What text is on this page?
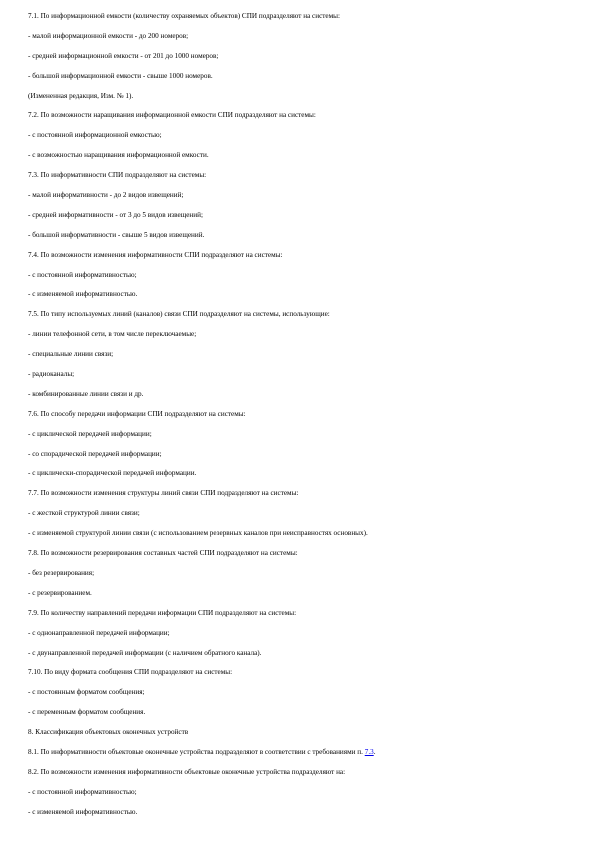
7.1. По информационной емкости (количеству охраняемых объектов) СПИ подразделяют на системы:
- малой информационной емкости - до 200 номеров;
- средней информационной емкости - от 201 до 1000 номеров;
- большой информационной емкости - свыше 1000 номеров.
(Измененная редакция, Изм. № 1).
7.2. По возможности наращивания информационной емкости СПИ подразделяют на системы:
- с постоянной информационной емкостью;
- с возможностью наращивания информационной емкости.
7.3. По информативности СПИ подразделяют на системы:
- малой информативности - до 2 видов извещений;
- средней информативности - от 3 до 5 видов извещений;
- большой информативности - свыше 5 видов извещений.
7.4. По возможности изменения информативности СПИ подразделяют на системы:
- с постоянной информативностью;
- с изменяемой информативностью.
7.5. По типу используемых линий (каналов) связи СПИ подразделяют на системы, использующие:
- линии телефонной сети, в том числе переключаемые;
- специальные линии связи;
- радиоканалы;
- комбинированные линии связи и др.
7.6. По способу передачи информации СПИ подразделяют на системы:
- с циклической передачей информации;
- со спорадической передачей информации;
- с циклически-спорадической передачей информации.
7.7. По возможности изменения структуры линий связи СПИ подразделяют на системы:
- с жесткой структурой линии связи;
- с изменяемой структурой линии связи (с использованием резервных каналов при неисправностях основных).
7.8. По возможности резервирования составных частей СПИ подразделяют на системы:
- без резервирования;
- с резервированием.
7.9. По количеству направлений передачи информации СПИ подразделяют на системы:
- с однонаправленной передачей информации;
- с двунаправленной передачей информации (с наличием обратного канала).
7.10. По виду формата сообщения СПИ подразделяют на системы:
- с постоянным форматом сообщения;
- с переменным форматом сообщения.
8. Классификация объектовых оконечных устройств
8.1. По информативности объектовые оконечные устройства подразделяют в соответствии с требованиями п. 7.3.
8.2. По возможности изменения информативности объектовые оконечные устройства подразделяют на:
- с постоянной информативностью;
- с изменяемой информативностью.
